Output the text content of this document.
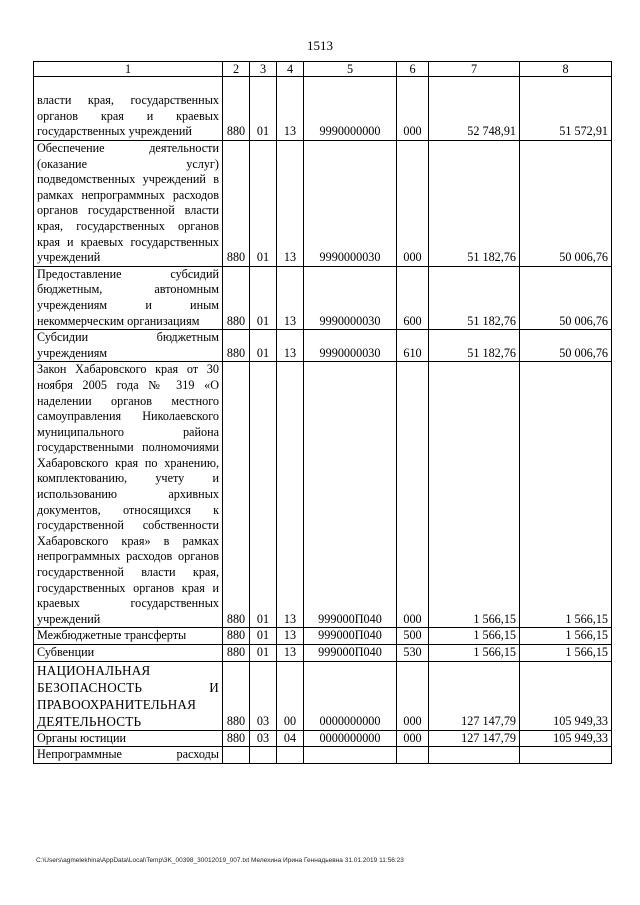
1513
1	2	3	4	5	6	7	8
власти края, государственных органов края и краевых государственных учреждений	880	01	13	9990000000	000	52 748,91	51 572,91
Обеспечение деятельности (оказание услуг) подведомственных учреждений в рамках непрограммных расходов органов государственной власти края, государственных органов края и краевых государственных учреждений	880	01	13	9990000030	000	51 182,76	50 006,76
Предоставление субсидий бюджетным, автономным учреждениям и иным некоммерческим организациям	880	01	13	9990000030	600	51 182,76	50 006,76
Субсидии бюджетным учреждениям	880	01	13	9990000030	610	51 182,76	50 006,76
Закон Хабаровского края от 30 ноября 2005 года № 319 «О наделении органов местного самоуправления Николаевского муниципального района государственными полномочиями Хабаровского края по хранению, комплектованию, учету и использованию архивных документов, относящихся к государственной собственности Хабаровского края» в рамках непрограммных расходов органов государственной власти края, государственных органов края и краевых государственных учреждений	880	01	13	999000П040	000	1 566,15	1 566,15
Межбюджетные трансферты	880	01	13	999000П040	500	1 566,15	1 566,15
Субвенции	880	01	13	999000П040	530	1 566,15	1 566,15
НАЦИОНАЛЬНАЯ БЕЗОПАСНОСТЬ И ПРАВООХРАНИТЕЛЬНАЯ ДЕЯТЕЛЬНОСТЬ	880	03	00	0000000000	000	127 147,79	105 949,33
Органы юстиции	880	03	04	0000000000	000	127 147,79	105 949,33
Непрограммные расходы							
C:\Users\agmelekhina\AppData\Local\Temp\3K_00398_30012019_007.txt Мелехина Ирина Геннадьевна 31.01.2019 11:56:23
